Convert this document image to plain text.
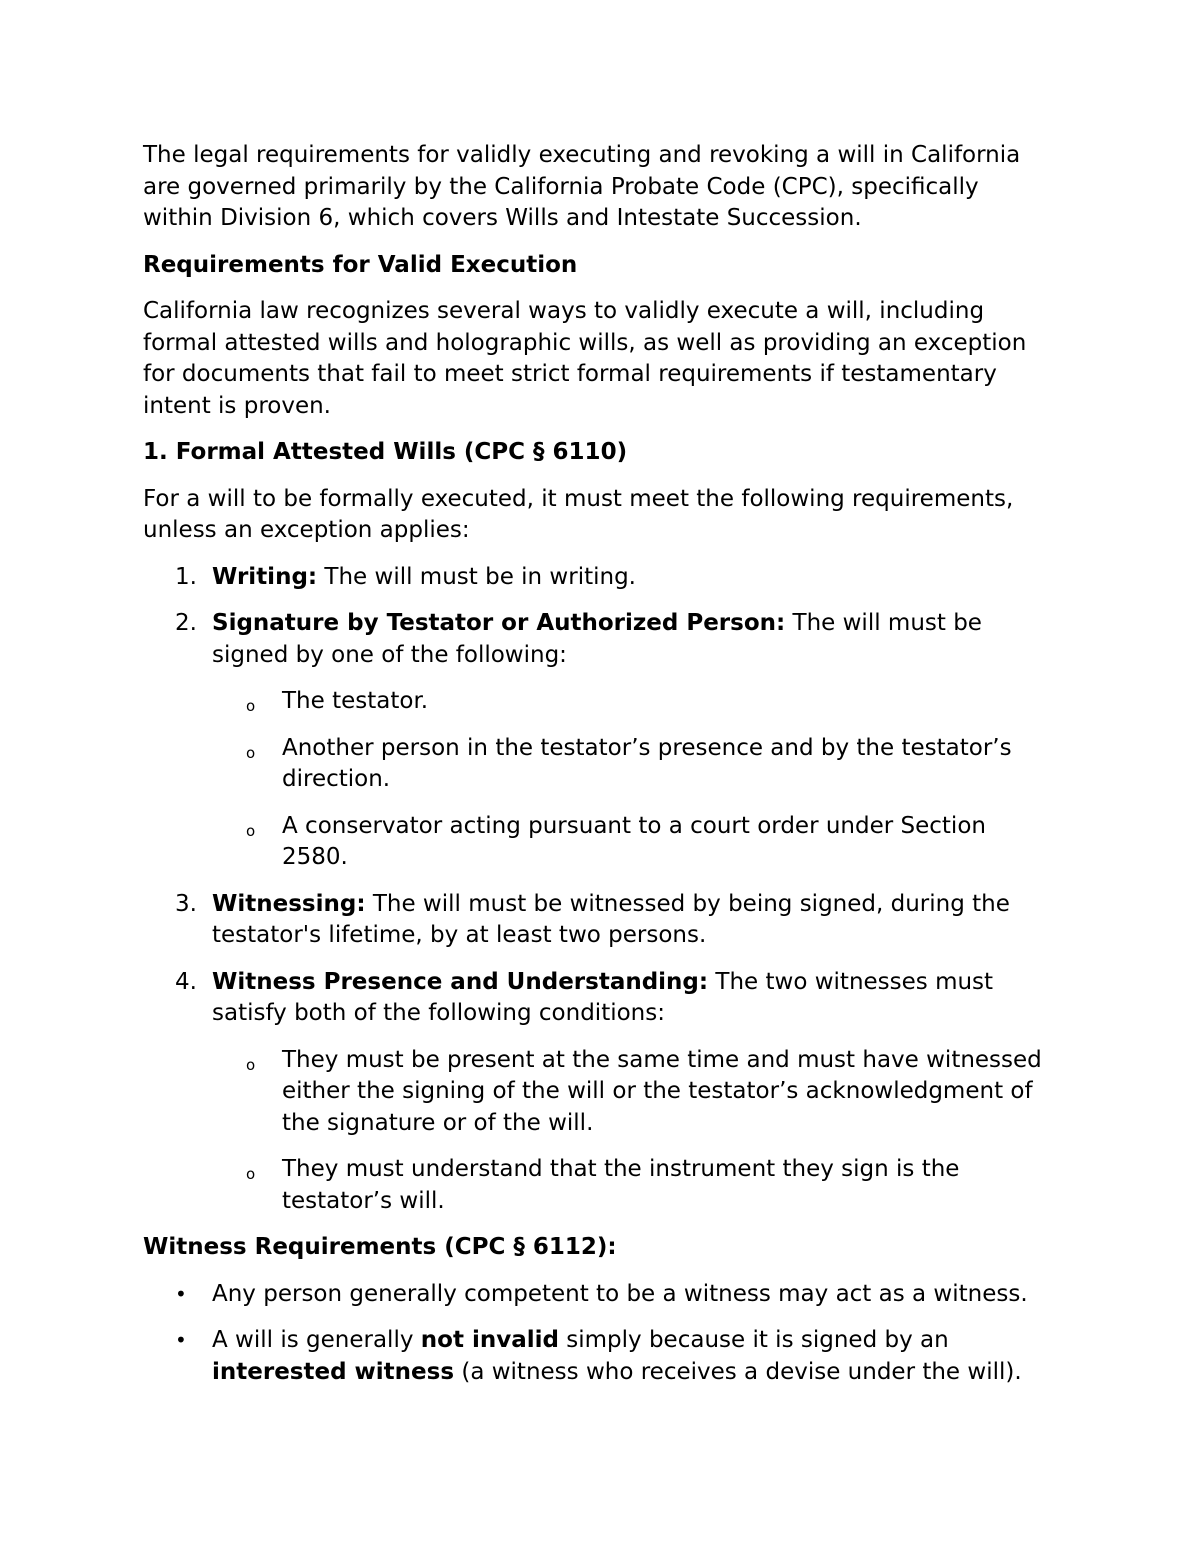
The legal requirements for validly executing and revoking a will in California are governed primarily by the California Probate Code (CPC), specifically within Division 6, which covers Wills and Intestate Succession.

Requirements for Valid Execution

California law recognizes several ways to validly execute a will, including formal attested wills and holographic wills, as well as providing an exception for documents that fail to meet strict formal requirements if testamentary intent is proven.

1. Formal Attested Wills (CPC § 6110)

For a will to be formally executed, it must meet the following requirements, unless an exception applies:

1. Writing: The will must be in writing.
2. Signature by Testator or Authorized Person: The will must be signed by one of the following:
o The testator.
o Another person in the testator’s presence and by the testator’s direction.
o A conservator acting pursuant to a court order under Section 2580.
3. Witnessing: The will must be witnessed by being signed, during the testator's lifetime, by at least two persons.
4. Witness Presence and Understanding: The two witnesses must satisfy both of the following conditions:
o They must be present at the same time and must have witnessed either the signing of the will or the testator’s acknowledgment of the signature or of the will.
o They must understand that the instrument they sign is the testator’s will.

Witness Requirements (CPC § 6112):

• Any person generally competent to be a witness may act as a witness.
• A will is generally not invalid simply because it is signed by an interested witness (a witness who receives a devise under the will).
